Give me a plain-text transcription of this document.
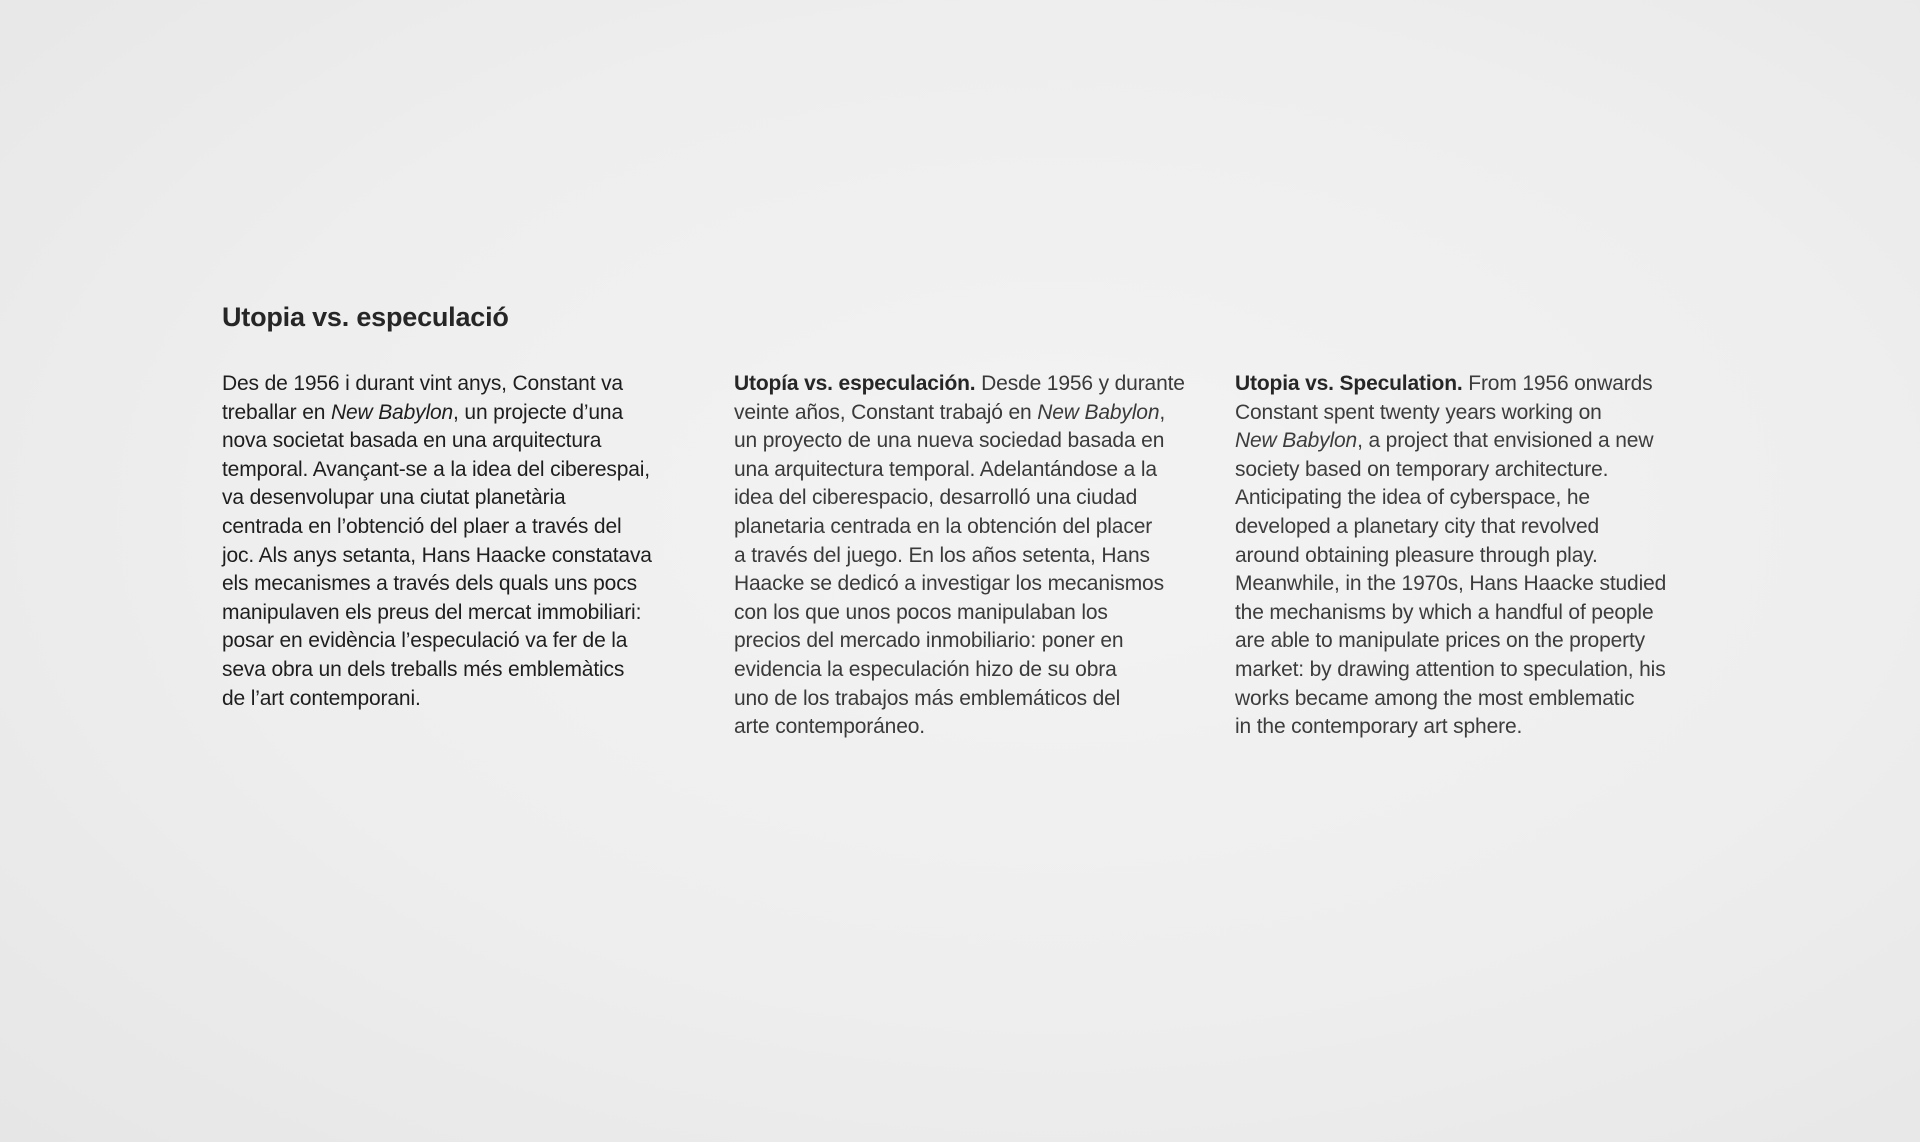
Utopia vs. especulació

Des de 1956 i durant vint anys, Constant va
treballar en New Babylon, un projecte d’una
nova societat basada en una arquitectura
temporal. Avançant-se a la idea del ciberespai,
va desenvolupar una ciutat planetària
centrada en l’obtenció del plaer a través del
joc. Als anys setanta, Hans Haacke constatava
els mecanismes a través dels quals uns pocs
manipulaven els preus del mercat immobiliari:
posar en evidència l’especulació va fer de la
seva obra un dels treballs més emblemàtics
de l’art contemporani.

Utopía vs. especulación. Desde 1956 y durante
veinte años, Constant trabajó en New Babylon,
un proyecto de una nueva sociedad basada en
una arquitectura temporal. Adelantándose a la
idea del ciberespacio, desarrolló una ciudad
planetaria centrada en la obtención del placer
a través del juego. En los años setenta, Hans
Haacke se dedicó a investigar los mecanismos
con los que unos pocos manipulaban los
precios del mercado inmobiliario: poner en
evidencia la especulación hizo de su obra
uno de los trabajos más emblemáticos del
arte contemporáneo.

Utopia vs. Speculation. From 1956 onwards
Constant spent twenty years working on
New Babylon, a project that envisioned a new
society based on temporary architecture.
Anticipating the idea of cyberspace, he
developed a planetary city that revolved
around obtaining pleasure through play.
Meanwhile, in the 1970s, Hans Haacke studied
the mechanisms by which a handful of people
are able to manipulate prices on the property
market: by drawing attention to speculation, his
works became among the most emblematic
in the contemporary art sphere.
